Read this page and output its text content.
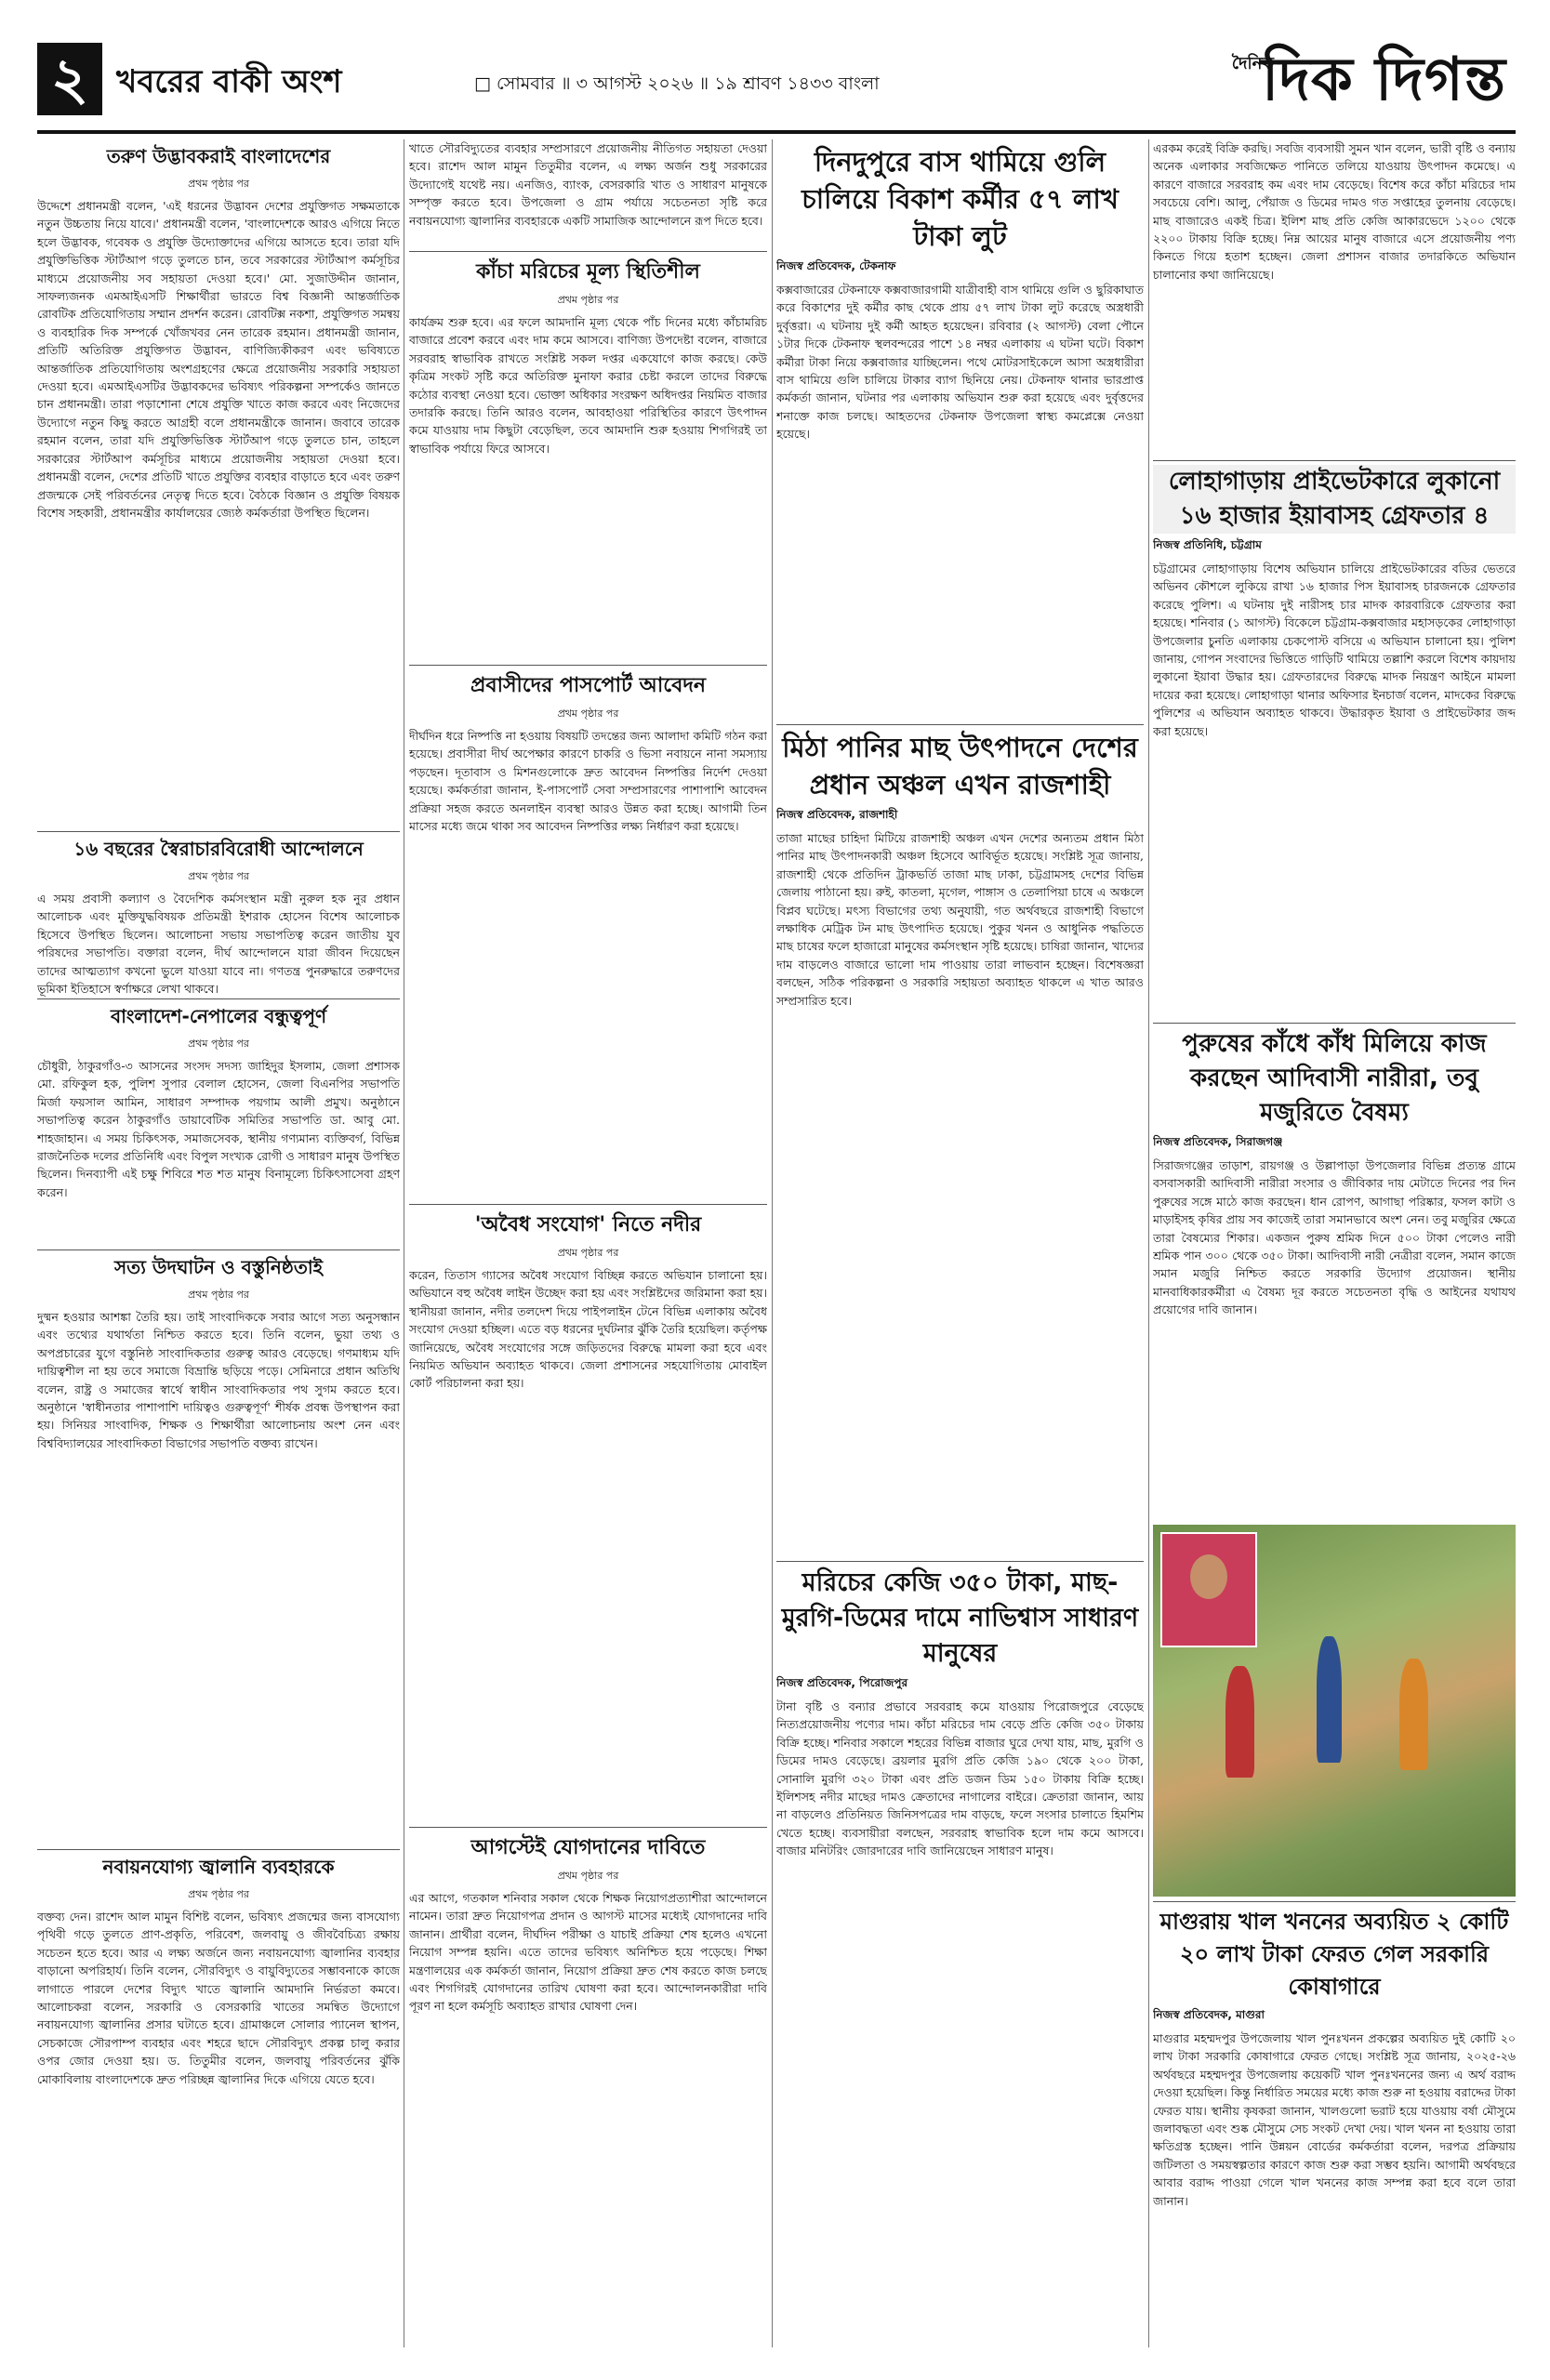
২ খবরের বাকী অংশ	□ সোমবার ॥ ৩ আগস্ট ২০২৬ ॥ ১৯ শ্রাবণ ১৪৩৩ বাংলা
দৈনিক
দিক দিগন্ত
তরুণ উদ্ভাবকরাই বাংলাদেশের
প্রথম পৃষ্ঠার পর

উদ্দেশে প্রধানমন্ত্রী বলেন, 'এই ধরনের উদ্ভাবন দেশের প্রযুক্তিগত সক্ষমতাকে নতুন উচ্চতায় নিয়ে যাবে।' প্রধানমন্ত্রী বলেন, 'বাংলাদেশকে আরও এগিয়ে নিতে হলে উদ্ভাবক, গবেষক ও প্রযুক্তি উদ্যোক্তাদের এগিয়ে আসতে হবে। তারা যদি প্রযুক্তিভিত্তিক স্টার্টআপ গড়ে তুলতে চান, তবে সরকারের স্টার্টআপ কর্মসূচির মাধ্যমে প্রয়োজনীয় সব সহায়তা দেওয়া হবে।' মো. সুজাউদ্দীন জানান, সাফল্যজনক এমআইএসটি শিক্ষার্থীরা ভারতে বিশ্ব বিজ্ঞানী আন্তর্জাতিক রোবটিক প্রতিযোগিতায় সম্মান প্রদর্শন করেন। রোবটিক্স নকশা, প্রযুক্তিগত সমন্বয় ও ব্যবহারিক দিক সম্পর্কে খোঁজখবর নেন তারেক রহমান। প্রধানমন্ত্রী জানান, প্রতিটি অতিরিক্ত প্রযুক্তিগত উদ্ভাবন, বাণিজ্যিকীকরণ এবং ভবিষ্যতে আন্তর্জাতিক প্রতিযোগিতায় অংশগ্রহণের ক্ষেত্রে প্রয়োজনীয় সরকারি সহায়তা দেওয়া হবে। এমআইএসটির উদ্ভাবকদের ভবিষ্যৎ পরিকল্পনা সম্পর্কেও জানতে চান প্রধানমন্ত্রী। তারা পড়াশোনা শেষে প্রযুক্তি খাতে কাজ করবে এবং নিজেদের উদ্যোগে নতুন কিছু করতে আগ্রহী বলে প্রধানমন্ত্রীকে জানান। জবাবে তারেক রহমান বলেন, তারা যদি প্রযুক্তিভিত্তিক স্টার্টআপ গড়ে তুলতে চান, তাহলে সরকারের স্টার্টআপ কর্মসূচির মাধ্যমে প্রয়োজনীয় সহায়তা দেওয়া হবে। প্রধানমন্ত্রী বলেন, দেশের প্রতিটি খাতে প্রযুক্তির ব্যবহার বাড়াতে হবে এবং তরুণ প্রজন্মকে সেই পরিবর্তনের নেতৃত্ব দিতে হবে। বৈঠকে বিজ্ঞান ও প্রযুক্তি বিষয়ক বিশেষ সহকারী, প্রধানমন্ত্রীর কার্যালয়ের জ্যেষ্ঠ কর্মকর্তারা উপস্থিত ছিলেন।

১৬ বছরের স্বৈরাচারবিরোধী আন্দোলনে
প্রথম পৃষ্ঠার পর

এ সময় প্রবাসী কল্যাণ ও বৈদেশিক কর্মসংস্থান মন্ত্রী নুরুল হক নুর প্রধান আলোচক এবং মুক্তিযুদ্ধবিষয়ক প্রতিমন্ত্রী ইশরাক হোসেন বিশেষ আলোচক হিসেবে উপস্থিত ছিলেন। আলোচনা সভায় সভাপতিত্ব করেন জাতীয় যুব পরিষদের সভাপতি। বক্তারা বলেন, দীর্ঘ আন্দোলনে যারা জীবন দিয়েছেন তাদের আত্মত্যাগ কখনো ভুলে যাওয়া যাবে না। গণতন্ত্র পুনরুদ্ধারে তরুণদের ভূমিকা ইতিহাসে স্বর্ণাক্ষরে লেখা থাকবে।

বাংলাদেশ-নেপালের বন্ধুত্বপূর্ণ
প্রথম পৃষ্ঠার পর

চৌধুরী, ঠাকুরগাঁও-৩ আসনের সংসদ সদস্য জাহিদুর ইসলাম, জেলা প্রশাসক মো. রফিকুল হক, পুলিশ সুপার বেলাল হোসেন, জেলা বিএনপির সভাপতি মির্জা ফয়সাল আমিন, সাধারণ সম্পাদক পয়গাম আলী প্রমুখ। অনুষ্ঠানে সভাপতিত্ব করেন ঠাকুরগাঁও ডায়াবেটিক সমিতির সভাপতি ডা. আবু মো. শাহজাহান। এ সময় চিকিৎসক, সমাজসেবক, স্থানীয় গণ্যমান্য ব্যক্তিবর্গ, বিভিন্ন রাজনৈতিক দলের প্রতিনিধি এবং বিপুল সংখ্যক রোগী ও সাধারণ মানুষ উপস্থিত ছিলেন। দিনব্যাপী এই চক্ষু শিবিরে শত শত মানুষ বিনামূল্যে চিকিৎসাসেবা গ্রহণ করেন।

সত্য উদঘাটন ও বস্তুনিষ্ঠতাই
প্রথম পৃষ্ঠার পর

দুষ্মন হওয়ার আশঙ্কা তৈরি হয়। তাই সাংবাদিককে সবার আগে সত্য অনুসন্ধান এবং তথ্যের যথার্থতা নিশ্চিত করতে হবে। তিনি বলেন, ভুয়া তথ্য ও অপপ্রচারের যুগে বস্তুনিষ্ঠ সাংবাদিকতার গুরুত্ব আরও বেড়েছে। গণমাধ্যম যদি দায়িত্বশীল না হয় তবে সমাজে বিভ্রান্তি ছড়িয়ে পড়ে। সেমিনারে প্রধান অতিথি বলেন, রাষ্ট্র ও সমাজের স্বার্থে স্বাধীন সাংবাদিকতার পথ সুগম করতে হবে। অনুষ্ঠানে 'স্বাধীনতার পাশাপাশি দায়িত্বও গুরুত্বপূর্ণ' শীর্ষক প্রবন্ধ উপস্থাপন করা হয়। সিনিয়র সাংবাদিক, শিক্ষক ও শিক্ষার্থীরা আলোচনায় অংশ নেন এবং বিশ্ববিদ্যালয়ের সাংবাদিকতা বিভাগের সভাপতি বক্তব্য রাখেন।

নবায়নযোগ্য জ্বালানি ব্যবহারকে
প্রথম পৃষ্ঠার পর

বক্তব্য দেন। রাশেদ আল মামুন বিশিষ্ট বলেন, ভবিষ্যৎ প্রজন্মের জন্য বাসযোগ্য পৃথিবী গড়ে তুলতে প্রাণ-প্রকৃতি, পরিবেশ, জলবায়ু ও জীববৈচিত্র্য রক্ষায় সচেতন হতে হবে। আর এ লক্ষ্য অর্জনে জন্য নবায়নযোগ্য জ্বালানির ব্যবহার বাড়ানো অপরিহার্য। তিনি বলেন, সৌরবিদ্যুৎ ও বায়ুবিদ্যুতের সম্ভাবনাকে কাজে লাগাতে পারলে দেশের বিদ্যুৎ খাতে জ্বালানি আমদানি নির্ভরতা কমবে। আলোচকরা বলেন, সরকারি ও বেসরকারি খাতের সমন্বিত উদ্যোগে নবায়নযোগ্য জ্বালানির প্রসার ঘটাতে হবে। গ্রামাঞ্চলে সোলার প্যানেল স্থাপন, সেচকাজে সৌরপাম্প ব্যবহার এবং শহরে ছাদে সৌরবিদ্যুৎ প্রকল্প চালু করার ওপর জোর দেওয়া হয়। ড. তিতুমীর বলেন, জলবায়ু পরিবর্তনের ঝুঁকি মোকাবিলায় বাংলাদেশকে দ্রুত পরিচ্ছন্ন জ্বালানির দিকে এগিয়ে যেতে হবে।

খাতে সৌরবিদ্যুতের ব্যবহার সম্প্রসারণে প্রয়োজনীয় নীতিগত সহায়তা দেওয়া হবে। রাশেদ আল মামুন তিতুমীর বলেন, এ লক্ষ্য অর্জন শুধু সরকারের উদ্যোগেই যথেষ্ট নয়। এনজিও, ব্যাংক, বেসরকারি খাত ও সাধারণ মানুষকে সম্পৃক্ত করতে হবে। উপজেলা ও গ্রাম পর্যায়ে সচেতনতা সৃষ্টি করে নবায়নযোগ্য জ্বালানির ব্যবহারকে একটি সামাজিক আন্দোলনে রূপ দিতে হবে।

কাঁচা মরিচের মূল্য স্থিতিশীল
প্রথম পৃষ্ঠার পর

কার্যক্রম শুরু হবে। এর ফলে আমদানি মূল্য থেকে পাঁচ দিনের মধ্যে কাঁচামরিচ বাজারে প্রবেশ করবে এবং দাম কমে আসবে। বাণিজ্য উপদেষ্টা বলেন, বাজারে সরবরাহ স্বাভাবিক রাখতে সংশ্লিষ্ট সকল দপ্তর একযোগে কাজ করছে। কেউ কৃত্রিম সংকট সৃষ্টি করে অতিরিক্ত মুনাফা করার চেষ্টা করলে তাদের বিরুদ্ধে কঠোর ব্যবস্থা নেওয়া হবে। ভোক্তা অধিকার সংরক্ষণ অধিদপ্তর নিয়মিত বাজার তদারকি করছে। তিনি আরও বলেন, আবহাওয়া পরিস্থিতির কারণে উৎপাদন কমে যাওয়ায় দাম কিছুটা বেড়েছিল, তবে আমদানি শুরু হওয়ায় শিগগিরই তা স্বাভাবিক পর্যায়ে ফিরে আসবে।

প্রবাসীদের পাসপোর্ট আবেদন
প্রথম পৃষ্ঠার পর

দীর্ঘদিন ধরে নিষ্পত্তি না হওয়ায় বিষয়টি তদন্তের জন্য আলাদা কমিটি গঠন করা হয়েছে। প্রবাসীরা দীর্ঘ অপেক্ষার কারণে চাকরি ও ভিসা নবায়নে নানা সমস্যায় পড়ছেন। দূতাবাস ও মিশনগুলোকে দ্রুত আবেদন নিষ্পত্তির নির্দেশ দেওয়া হয়েছে। কর্মকর্তারা জানান, ই-পাসপোর্ট সেবা সম্প্রসারণের পাশাপাশি আবেদন প্রক্রিয়া সহজ করতে অনলাইন ব্যবস্থা আরও উন্নত করা হচ্ছে। আগামী তিন মাসের মধ্যে জমে থাকা সব আবেদন নিষ্পত্তির লক্ষ্য নির্ধারণ করা হয়েছে।

'অবৈধ সংযোগ' নিতে নদীর
প্রথম পৃষ্ঠার পর

করেন, তিতাস গ্যাসের অবৈধ সংযোগ বিচ্ছিন্ন করতে অভিযান চালানো হয়। অভিযানে বহু অবৈধ লাইন উচ্ছেদ করা হয় এবং সংশ্লিষ্টদের জরিমানা করা হয়। স্থানীয়রা জানান, নদীর তলদেশ দিয়ে পাইপলাইন টেনে বিভিন্ন এলাকায় অবৈধ সংযোগ দেওয়া হচ্ছিল। এতে বড় ধরনের দুর্ঘটনার ঝুঁকি তৈরি হয়েছিল। কর্তৃপক্ষ জানিয়েছে, অবৈধ সংযোগের সঙ্গে জড়িতদের বিরুদ্ধে মামলা করা হবে এবং নিয়মিত অভিযান অব্যাহত থাকবে। জেলা প্রশাসনের সহযোগিতায় মোবাইল কোর্ট পরিচালনা করা হয়।

আগস্টেই যোগদানের দাবিতে
প্রথম পৃষ্ঠার পর

এর আগে, গতকাল শনিবার সকাল থেকে শিক্ষক নিয়োগপ্রত্যাশীরা আন্দোলনে নামেন। তারা দ্রুত নিয়োগপত্র প্রদান ও আগস্ট মাসের মধ্যেই যোগদানের দাবি জানান। প্রার্থীরা বলেন, দীর্ঘদিন পরীক্ষা ও যাচাই প্রক্রিয়া শেষ হলেও এখনো নিয়োগ সম্পন্ন হয়নি। এতে তাদের ভবিষ্যৎ অনিশ্চিত হয়ে পড়েছে। শিক্ষা মন্ত্রণালয়ের এক কর্মকর্তা জানান, নিয়োগ প্রক্রিয়া দ্রুত শেষ করতে কাজ চলছে এবং শিগগিরই যোগদানের তারিখ ঘোষণা করা হবে। আন্দোলনকারীরা দাবি পূরণ না হলে কর্মসূচি অব্যাহত রাখার ঘোষণা দেন।

দিনদুপুরে বাস থামিয়ে গুলি চালিয়ে বিকাশ কর্মীর ৫৭ লাখ টাকা লুট
নিজস্ব প্রতিবেদক, টেকনাফ

কক্সবাজারের টেকনাফে কক্সবাজারগামী যাত্রীবাহী বাস থামিয়ে গুলি ও ছুরিকাঘাত করে বিকাশের দুই কর্মীর কাছ থেকে প্রায় ৫৭ লাখ টাকা লুট করেছে অস্ত্রধারী দুর্বৃত্তরা। এ ঘটনায় দুই কর্মী আহত হয়েছেন। রবিবার (২ আগস্ট) বেলা পৌনে ১টার দিকে টেকনাফ স্থলবন্দরের পাশে ১৪ নম্বর এলাকায় এ ঘটনা ঘটে। বিকাশ কর্মীরা টাকা নিয়ে কক্সবাজার যাচ্ছিলেন। পথে মোটরসাইকেলে আসা অস্ত্রধারীরা বাস থামিয়ে গুলি চালিয়ে টাকার ব্যাগ ছিনিয়ে নেয়। টেকনাফ থানার ভারপ্রাপ্ত কর্মকর্তা জানান, ঘটনার পর এলাকায় অভিযান শুরু করা হয়েছে এবং দুর্বৃত্তদের শনাক্তে কাজ চলছে। আহতদের টেকনাফ উপজেলা স্বাস্থ্য কমপ্লেক্সে নেওয়া হয়েছে।

মিঠা পানির মাছ উৎপাদনে দেশের প্রধান অঞ্চল এখন রাজশাহী
নিজস্ব প্রতিবেদক, রাজশাহী

তাজা মাছের চাহিদা মিটিয়ে রাজশাহী অঞ্চল এখন দেশের অন্যতম প্রধান মিঠা পানির মাছ উৎপাদনকারী অঞ্চল হিসেবে আবির্ভূত হয়েছে। সংশ্লিষ্ট সূত্র জানায়, রাজশাহী থেকে প্রতিদিন ট্রাকভর্তি তাজা মাছ ঢাকা, চট্টগ্রামসহ দেশের বিভিন্ন জেলায় পাঠানো হয়। রুই, কাতলা, মৃগেল, পাঙ্গাস ও তেলাপিয়া চাষে এ অঞ্চলে বিপ্লব ঘটেছে। মৎস্য বিভাগের তথ্য অনুযায়ী, গত অর্থবছরে রাজশাহী বিভাগে লক্ষাধিক মেট্রিক টন মাছ উৎপাদিত হয়েছে। পুকুর খনন ও আধুনিক পদ্ধতিতে মাছ চাষের ফলে হাজারো মানুষের কর্মসংস্থান সৃষ্টি হয়েছে। চাষিরা জানান, খাদ্যের দাম বাড়লেও বাজারে ভালো দাম পাওয়ায় তারা লাভবান হচ্ছেন। বিশেষজ্ঞরা বলছেন, সঠিক পরিকল্পনা ও সরকারি সহায়তা অব্যাহত থাকলে এ খাত আরও সম্প্রসারিত হবে।

মরিচের কেজি ৩৫০ টাকা, মাছ-মুরগি-ডিমের দামে নাভিশ্বাস সাধারণ মানুষের
নিজস্ব প্রতিবেদক, পিরোজপুর

টানা বৃষ্টি ও বন্যার প্রভাবে সরবরাহ কমে যাওয়ায় পিরোজপুরে বেড়েছে নিত্যপ্রয়োজনীয় পণ্যের দাম। কাঁচা মরিচের দাম বেড়ে প্রতি কেজি ৩৫০ টাকায় বিক্রি হচ্ছে। শনিবার সকালে শহরের বিভিন্ন বাজার ঘুরে দেখা যায়, মাছ, মুরগি ও ডিমের দামও বেড়েছে। ব্রয়লার মুরগি প্রতি কেজি ১৯০ থেকে ২০০ টাকা, সোনালি মুরগি ৩২০ টাকা এবং প্রতি ডজন ডিম ১৫০ টাকায় বিক্রি হচ্ছে। ইলিশসহ নদীর মাছের দামও ক্রেতাদের নাগালের বাইরে। ক্রেতারা জানান, আয় না বাড়লেও প্রতিনিয়ত জিনিসপত্রের দাম বাড়ছে, ফলে সংসার চালাতে হিমশিম খেতে হচ্ছে। ব্যবসায়ীরা বলছেন, সরবরাহ স্বাভাবিক হলে দাম কমে আসবে। বাজার মনিটরিং জোরদারের দাবি জানিয়েছেন সাধারণ মানুষ।

এরকম করেই বিক্রি করছি। সবজি ব্যবসায়ী সুমন খান বলেন, ভারী বৃষ্টি ও বন্যায় অনেক এলাকার সবজিক্ষেত পানিতে তলিয়ে যাওয়ায় উৎপাদন কমেছে। এ কারণে বাজারে সরবরাহ কম এবং দাম বেড়েছে। বিশেষ করে কাঁচা মরিচের দাম সবচেয়ে বেশি। আলু, পেঁয়াজ ও ডিমের দামও গত সপ্তাহের তুলনায় বেড়েছে। মাছ বাজারেও একই চিত্র। ইলিশ মাছ প্রতি কেজি আকারভেদে ১২০০ থেকে ২২০০ টাকায় বিক্রি হচ্ছে। নিম্ন আয়ের মানুষ বাজারে এসে প্রয়োজনীয় পণ্য কিনতে গিয়ে হতাশ হচ্ছেন। জেলা প্রশাসন বাজার তদারকিতে অভিযান চালানোর কথা জানিয়েছে।

লোহাগাড়ায় প্রাইভেটকারে লুকানো ১৬ হাজার ইয়াবাসহ গ্রেফতার ৪
নিজস্ব প্রতিনিধি, চট্টগ্রাম

চট্টগ্রামের লোহাগাড়ায় বিশেষ অভিযান চালিয়ে প্রাইভেটকারের বডির ভেতরে অভিনব কৌশলে লুকিয়ে রাখা ১৬ হাজার পিস ইয়াবাসহ চারজনকে গ্রেফতার করেছে পুলিশ। এ ঘটনায় দুই নারীসহ চার মাদক কারবারিকে গ্রেফতার করা হয়েছে। শনিবার (১ আগস্ট) বিকেলে চট্টগ্রাম-কক্সবাজার মহাসড়কের লোহাগাড়া উপজেলার চুনতি এলাকায় চেকপোস্ট বসিয়ে এ অভিযান চালানো হয়। পুলিশ জানায়, গোপন সংবাদের ভিত্তিতে গাড়িটি থামিয়ে তল্লাশি করলে বিশেষ কায়দায় লুকানো ইয়াবা উদ্ধার হয়। গ্রেফতারদের বিরুদ্ধে মাদক নিয়ন্ত্রণ আইনে মামলা দায়ের করা হয়েছে। লোহাগাড়া থানার অফিসার ইনচার্জ বলেন, মাদকের বিরুদ্ধে পুলিশের এ অভিযান অব্যাহত থাকবে। উদ্ধারকৃত ইয়াবা ও প্রাইভেটকার জব্দ করা হয়েছে।

পুরুষের কাঁধে কাঁধ মিলিয়ে কাজ করছেন আদিবাসী নারীরা, তবু মজুরিতে বৈষম্য
নিজস্ব প্রতিবেদক, সিরাজগঞ্জ

সিরাজগঞ্জের তাড়াশ, রায়গঞ্জ ও উল্লাপাড়া উপজেলার বিভিন্ন প্রত্যন্ত গ্রামে বসবাসকারী আদিবাসী নারীরা সংসার ও জীবিকার দায় মেটাতে দিনের পর দিন পুরুষের সঙ্গে মাঠে কাজ করছেন। ধান রোপণ, আগাছা পরিষ্কার, ফসল কাটা ও মাড়াইসহ কৃষির প্রায় সব কাজেই তারা সমানভাবে অংশ নেন। তবু মজুরির ক্ষেত্রে তারা বৈষম্যের শিকার। একজন পুরুষ শ্রমিক দিনে ৫০০ টাকা পেলেও নারী শ্রমিক পান ৩০০ থেকে ৩৫০ টাকা। আদিবাসী নারী নেত্রীরা বলেন, সমান কাজে সমান মজুরি নিশ্চিত করতে সরকারি উদ্যোগ প্রয়োজন। স্থানীয় মানবাধিকারকর্মীরা এ বৈষম্য দূর করতে সচেতনতা বৃদ্ধি ও আইনের যথাযথ প্রয়োগের দাবি জানান।

মাগুরায় খাল খননের অব্যয়িত ২ কোটি ২০ লাখ টাকা ফেরত গেল সরকারি কোষাগারে
নিজস্ব প্রতিবেদক, মাগুরা

মাগুরার মহম্মদপুর উপজেলায় খাল পুনঃখনন প্রকল্পের অব্যয়িত দুই কোটি ২০ লাখ টাকা সরকারি কোষাগারে ফেরত গেছে। সংশ্লিষ্ট সূত্র জানায়, ২০২৫-২৬ অর্থবছরে মহম্মদপুর উপজেলায় কয়েকটি খাল পুনঃখননের জন্য এ অর্থ বরাদ্দ দেওয়া হয়েছিল। কিন্তু নির্ধারিত সময়ের মধ্যে কাজ শুরু না হওয়ায় বরাদ্দের টাকা ফেরত যায়। স্থানীয় কৃষকরা জানান, খালগুলো ভরাট হয়ে যাওয়ায় বর্ষা মৌসুমে জলাবদ্ধতা এবং শুষ্ক মৌসুমে সেচ সংকট দেখা দেয়। খাল খনন না হওয়ায় তারা ক্ষতিগ্রস্ত হচ্ছেন। পানি উন্নয়ন বোর্ডের কর্মকর্তারা বলেন, দরপত্র প্রক্রিয়ায় জটিলতা ও সময়স্বল্পতার কারণে কাজ শুরু করা সম্ভব হয়নি। আগামী অর্থবছরে আবার বরাদ্দ পাওয়া গেলে খাল খননের কাজ সম্পন্ন করা হবে বলে তারা জানান।
